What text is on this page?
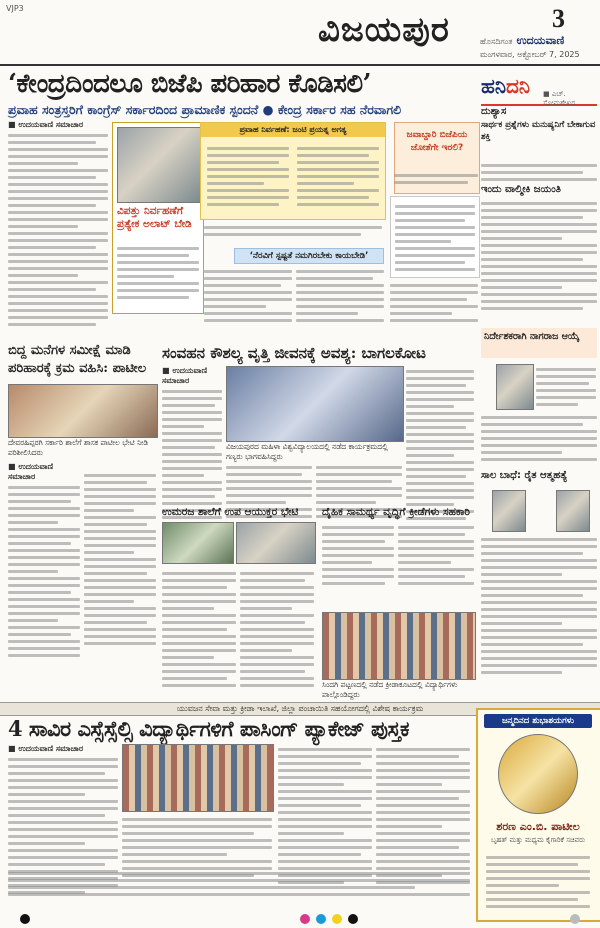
VJP3
ವಿಜಯಪುರ	3
ಹೊಸದಿಗಂತ ಉದಯವಾಣಿ
ಮಂಗಳವಾರ, ಅಕ್ಟೋಬರ್ 7, 2025
‘ಕೇಂದ್ರದಿಂದಲೂ ಬಿಜೆಪಿ ಪರಿಹಾರ ಕೊಡಿಸಲಿ’
ಪ್ರವಾಹ ಸಂತ್ರಸ್ತರಿಗೆ ಕಾಂಗ್ರೆಸ್ ಸರ್ಕಾರದಿಂದ ಪ್ರಾಮಾಣಿಕ ಸ್ಪಂದನೆ ● ಕೇಂದ್ರ ಸರ್ಕಾರ ಸಹ ನೆರವಾಗಲಿ
■ ಉದಯವಾಣಿ ಸಮಾಚಾರ
ವಿಪತ್ತು ನಿರ್ವಹಣೆಗೆ ಪ್ರತ್ಯೇಕ ಅಲಾಟ್ ಬೇಡಿ
ಪ್ರವಾಹ ನಿರ್ವಹಣೆ: ಜಂಟಿ ಪ್ರಯತ್ನ ಅಗತ್ಯ
‘ನೆರವಿಗೆ ಸ್ಪಷ್ಟತೆ ನಮಗಿರಬೇಕು ಕಾಯಬೇಡಿ’
ಜವಾಬ್ದಾರಿ ಬಿಜೆಪಿಯ ಜೋತೆಗೇ ಇರಲಿ?
ಹನಿದನಿ ■ ಎಚ್. ಸೋಮಶೇಖರ
ದುಶ್ಯಾಸ
ಸಾರ್ಥಕ ಪ್ರಶ್ನೆಗಳು ಮನುಷ್ಯನಿಗೆ ಬೇಕಾಗುವ ಶಕ್ತಿ
ಇಂದು ವಾಲ್ಮೀಕಿ ಜಯಂತಿ
ನಿರ್ದೇಶಕರಾಗಿ ನಾಗರಾಜ ಆಯ್ಕೆ
ಸಾಲ ಬಾಧೆ: ರೈತ ಆತ್ಮಹತ್ಯೆ
ಬಿದ್ದ ಮನೆಗಳ ಸಮೀಕ್ಷೆ ಮಾಡಿ
ಪರಿಹಾರಕ್ಕೆ ಕ್ರಮ ವಹಿಸಿ: ಪಾಟೀಲ
ದೇವರಹಿಪ್ಪರಗಿ ಸರ್ಕಾರಿ ಶಾಲೆಗೆ ಶಾಸಕ ಪಾಟೀಲ ಭೇಟಿ ನೀಡಿ ಪರಿಶೀಲಿಸಿದರು
■ ಉದಯವಾಣಿ ಸಮಾಚಾರ
ಸಂವಹನ ಕೌಶಲ್ಯ ವೃತ್ತಿ ಜೀವನಕ್ಕೆ ಅವಶ್ಯ: ಬಾಗಲಕೋಟ
■ ಉದಯವಾಣಿ ಸಮಾಚಾರ
ವಿಜಯಪುರದ ಮಹಿಳಾ ವಿಶ್ವವಿದ್ಯಾಲಯದಲ್ಲಿ ನಡೆದ ಕಾರ್ಯಕ್ರಮದಲ್ಲಿ ಗಣ್ಯರು ಭಾಗವಹಿಸಿದ್ದರು
ಉಮರಜ ಶಾಲೆಗೆ ಉಪ ಆಯುಕ್ತರ ಭೇಟಿ ದೈಹಿಕ ಸಾಮರ್ಥ್ಯ ವೃದ್ಧಿಗೆ ಕ್ರೀಡೆಗಳು ಸಹಕಾರಿ
ಸಿಂದಗಿ ಪಟ್ಟಣದಲ್ಲಿ ನಡೆದ ಕ್ರೀಡಾಕೂಟದಲ್ಲಿ ವಿದ್ಯಾರ್ಥಿಗಳು ಪಾಲ್ಗೊಂಡಿದ್ದರು
ಯುವಜನ ಸೇವಾ ಮತ್ತು ಕ್ರೀಡಾ ಇಲಾಖೆ, ಜಿಲ್ಲಾ ಪಂಚಾಯಿತಿ ಸಹಯೋಗದಲ್ಲಿ ವಿಶೇಷ ಕಾರ್ಯಕ್ರಮ
4 ಸಾವಿರ ಎಸ್ಸೆಸ್ಸೆಲ್ಸಿ ವಿದ್ಯಾರ್ಥಿಗಳಿಗೆ ಪಾಸಿಂಗ್ ಪ್ಯಾಕೇಜ್ ಪುಸ್ತಕ
■ ಉದಯವಾಣಿ ಸಮಾಚಾರ
ಜನ್ಮದಿನದ ಶುಭಾಶಯಗಳು
ಶರಣ ಎಂ.ಬಿ. ಪಾಟೀಲ
ಬೃಹತ್ ಮತ್ತು ಮಧ್ಯಮ ಕೈಗಾರಿಕೆ ಸಚಿವರು
